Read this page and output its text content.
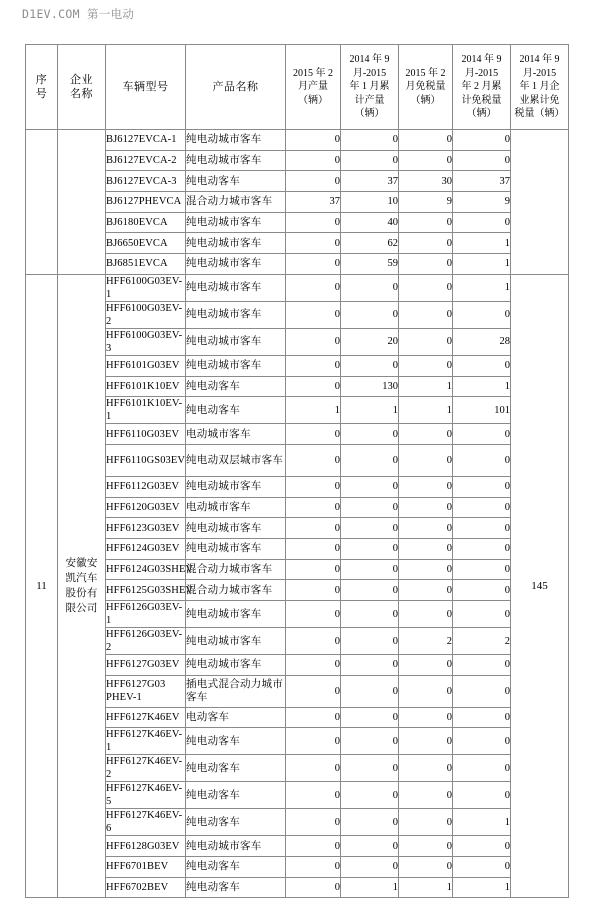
D1EV.COM 第一电动
序
号	企业
名称	车辆型号	产品名称	2015 年 2
月产量
（辆）	2014 年 9
月-2015
年 1 月累
计产量
（辆）	2015 年 2
月免税量
（辆）	2014 年 9
月-2015
年 2 月累
计免税量
（辆）	2014 年 9
月-2015
年 1 月企
业累计免
税量（辆）
		BJ6127EVCA-1	纯电动城市客车	0	0	0	0	
		BJ6127EVCA-2	纯电动城市客车	0	0	0	0	
		BJ6127EVCA-3	纯电动客车	0	37	30	37	
		BJ6127PHEVCA	混合动力城市客车	37	10	9	9	
		BJ6180EVCA	纯电动城市客车	0	40	0	0	
		BJ6650EVCA	纯电动城市客车	0	62	0	1	
		BJ6851EVCA	纯电动城市客车	0	59	0	1	
11	安徽安
凯汽车
股份有
限公司	HFF6100G03EV-1	纯电动城市客车	0	0	0	1	145
		HFF6100G03EV-2	纯电动城市客车	0	0	0	0	
		HFF6100G03EV-3	纯电动城市客车	0	20	0	28	
		HFF6101G03EV	纯电动城市客车	0	0	0	0	
		HFF6101K10EV	纯电动客车	0	130	1	1	
		HFF6101K10EV-1	纯电动客车	1	1	1	101	
		HFF6110G03EV	电动城市客车	0	0	0	0	
		HFF6110GS03EV	纯电动双层城市客车	0	0	0	0	
		HFF6112G03EV	纯电动城市客车	0	0	0	0	
		HFF6120G03EV	电动城市客车	0	0	0	0	
		HFF6123G03EV	纯电动城市客车	0	0	0	0	
		HFF6124G03EV	纯电动城市客车	0	0	0	0	
		HFF6124G03SHEV	混合动力城市客车	0	0	0	0	
		HFF6125G03SHEV	混合动力城市客车	0	0	0	0	
		HFF6126G03EV-1	纯电动城市客车	0	0	0	0	
		HFF6126G03EV-2	纯电动城市客车	0	0	2	2	
		HFF6127G03EV	纯电动城市客车	0	0	0	0	
		HFF6127G03
PHEV-1	插电式混合动力城市客车	0	0	0	0	
		HFF6127K46EV	电动客车	0	0	0	0	
		HFF6127K46EV-1	纯电动客车	0	0	0	0	
		HFF6127K46EV-2	纯电动客车	0	0	0	0	
		HFF6127K46EV-5	纯电动客车	0	0	0	0	
		HFF6127K46EV-6	纯电动客车	0	0	0	1	
		HFF6128G03EV	纯电动城市客车	0	0	0	0	
		HFF6701BEV	纯电动客车	0	0	0	0	
		HFF6702BEV	纯电动客车	0	1	1	1	
